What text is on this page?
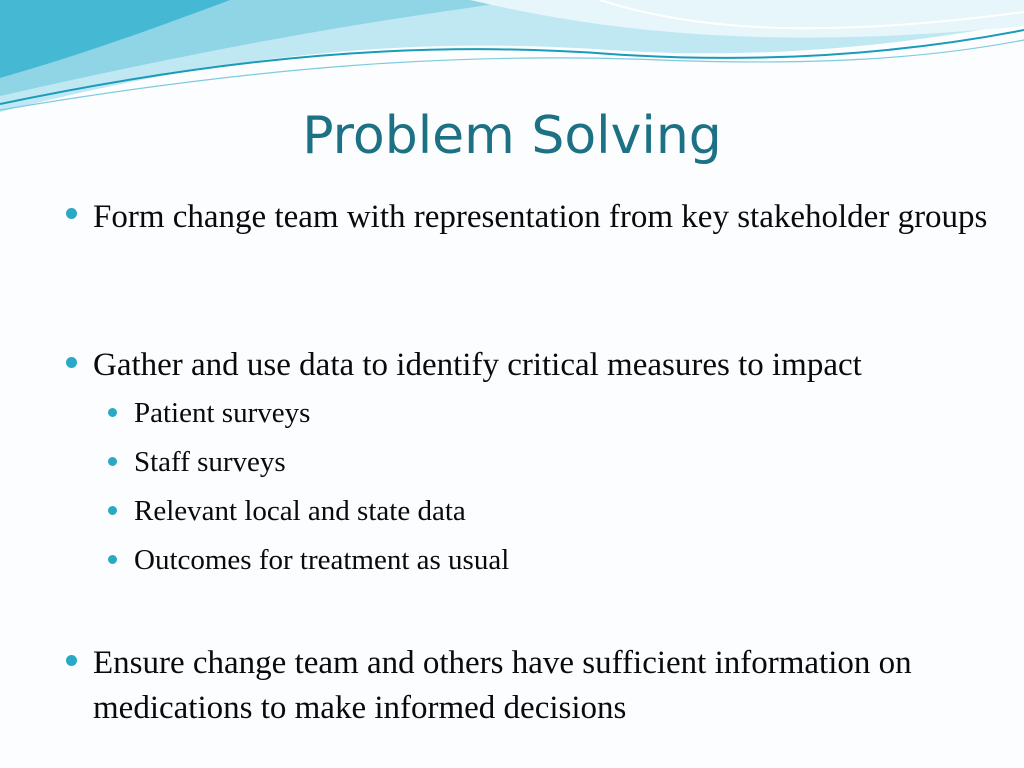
Problem Solving
Form change team with representation from key stakeholder groups
Gather and use data to identify critical measures to impact
Patient surveys
Staff surveys
Relevant local and state data
Outcomes for treatment as usual
Ensure change team and others have sufficient information on medications to make informed decisions
